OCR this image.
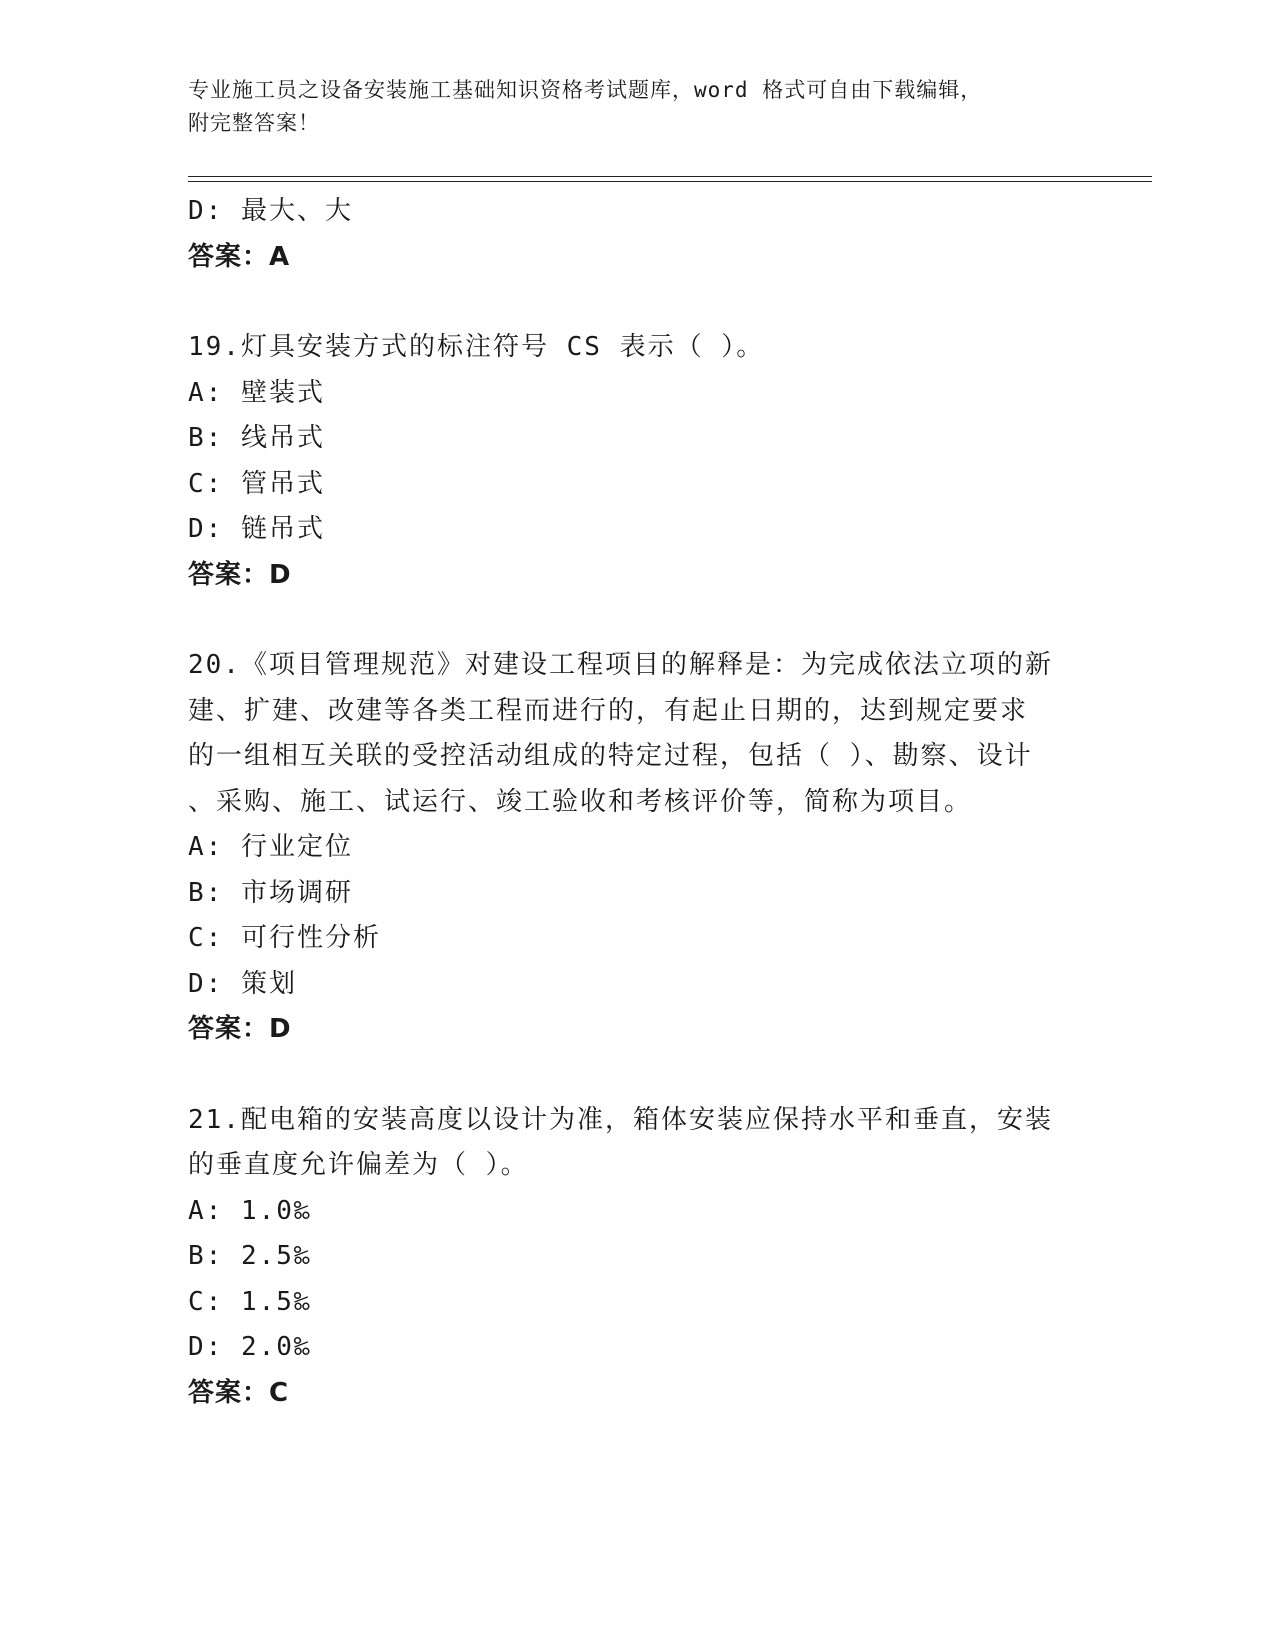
专业施工员之设备安装施工基础知识资格考试题库，word 格式可自由下载编辑，
附完整答案！
D: 最大、大
答案：A
19.灯具安装方式的标注符号 CS 表示（ ）。
A: 壁装式
B: 线吊式
C: 管吊式
D: 链吊式
答案：D
20.《项目管理规范》对建设工程项目的解释是：为完成依法立项的新
建、扩建、改建等各类工程而进行的，有起止日期的，达到规定要求
的一组相互关联的受控活动组成的特定过程，包括（ ）、勘察、设计
、采购、施工、试运行、竣工验收和考核评价等，简称为项目。
A: 行业定位
B: 市场调研
C: 可行性分析
D: 策划
答案：D
21.配电箱的安装高度以设计为准，箱体安装应保持水平和垂直，安装
的垂直度允许偏差为（ ）。
A: 1.0‰
B: 2.5‰
C: 1.5‰
D: 2.0‰
答案：C
